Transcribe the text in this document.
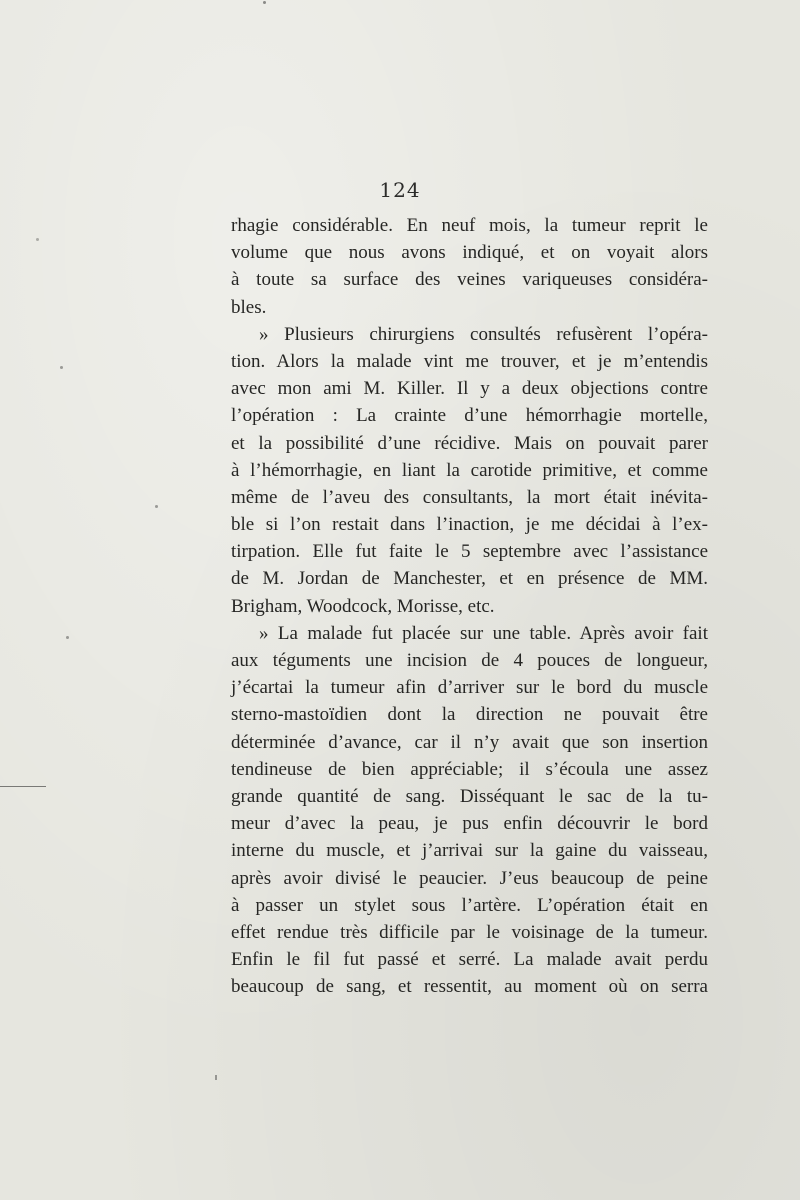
124
rhagie considérable. En neuf mois, la tumeur reprit le
volume que nous avons indiqué, et on voyait alors
à toute sa surface des veines variqueuses considéra-
bles.
» Plusieurs chirurgiens consultés refusèrent l’opéra-
tion. Alors la malade vint me trouver, et je m’entendis
avec mon ami M. Killer. Il y a deux objections contre
l’opération : La crainte d’une hémorrhagie mortelle,
et la possibilité d’une récidive. Mais on pouvait parer
à l’hémorrhagie, en liant la carotide primitive, et comme
même de l’aveu des consultants, la mort était inévita-
ble si l’on restait dans l’inaction, je me décidai à l’ex-
tirpation. Elle fut faite le 5 septembre avec l’assistance
de M. Jordan de Manchester, et en présence de MM.
Brigham, Woodcock, Morisse, etc.
» La malade fut placée sur une table. Après avoir fait
aux téguments une incision de 4 pouces de longueur,
j’écartai la tumeur afin d’arriver sur le bord du muscle
sterno-mastoïdien dont la direction ne pouvait être
déterminée d’avance, car il n’y avait que son insertion
tendineuse de bien appréciable; il s’écoula une assez
grande quantité de sang. Disséquant le sac de la tu-
meur d’avec la peau, je pus enfin découvrir le bord
interne du muscle, et j’arrivai sur la gaine du vaisseau,
après avoir divisé le peaucier. J’eus beaucoup de peine
à passer un stylet sous l’artère. L’opération était en
effet rendue très difficile par le voisinage de la tumeur.
Enfin le fil fut passé et serré. La malade avait perdu
beaucoup de sang, et ressentit, au moment où on serra
